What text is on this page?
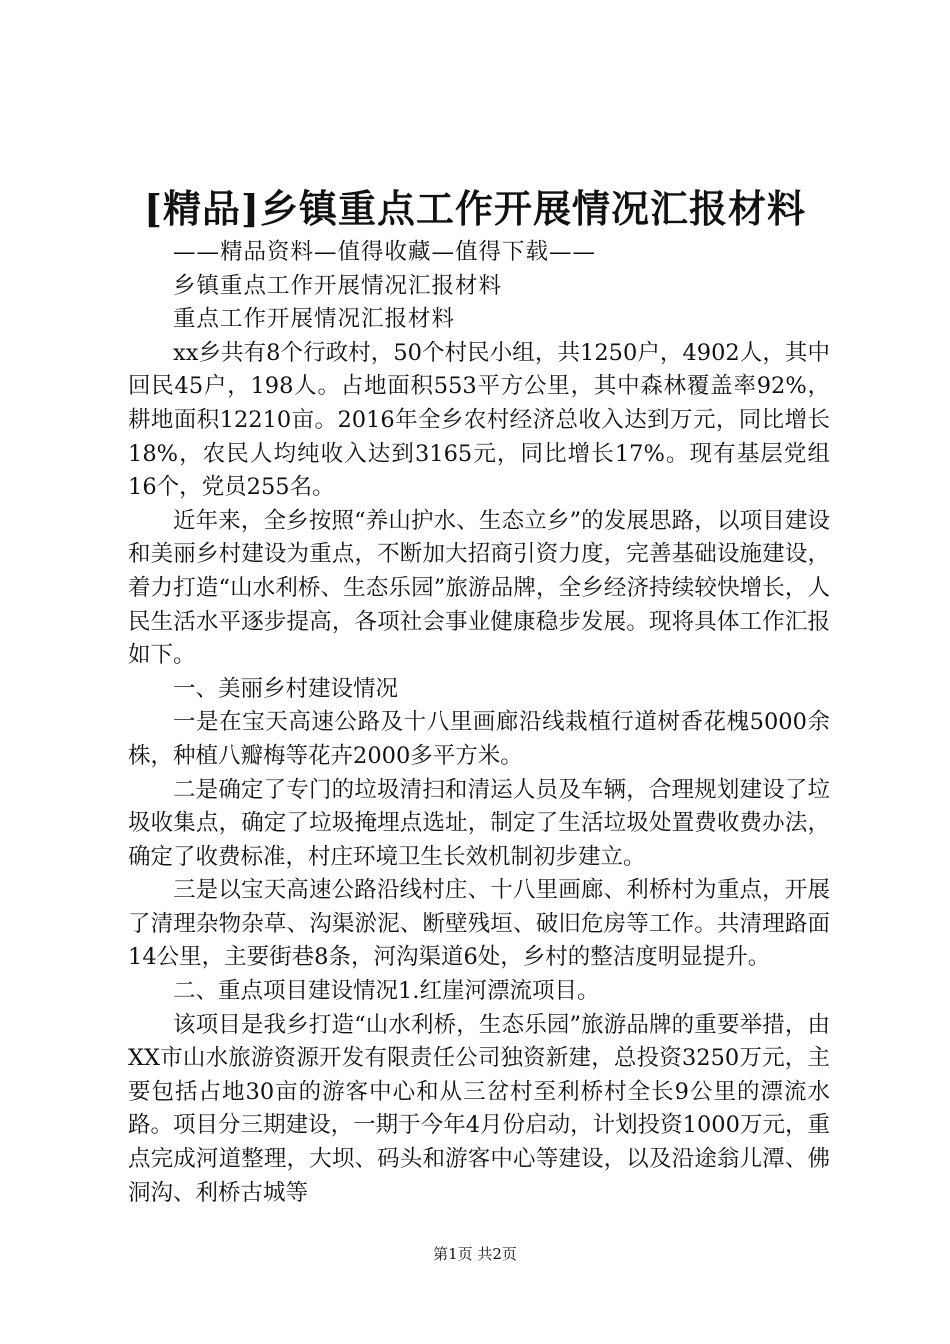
[精品]乡镇重点工作开展情况汇报材料

——精品资料—值得收藏—值得下载——

乡镇重点工作开展情况汇报材料

重点工作开展情况汇报材料

xx乡共有8个行政村，50个村民小组，共1250户，4902人，其中回民45户，198人。占地面积553平方公里，其中森林覆盖率92%，耕地面积12210亩。2016年全乡农村经济总收入达到万元，同比增长18%，农民人均纯收入达到3165元，同比增长17%。现有基层党组16个，党员255名。

近年来，全乡按照“养山护水、生态立乡”的发展思路，以项目建设和美丽乡村建设为重点，不断加大招商引资力度，完善基础设施建设，着力打造“山水利桥、生态乐园”旅游品牌，全乡经济持续较快增长，人民生活水平逐步提高，各项社会事业健康稳步发展。现将具体工作汇报如下。

一、美丽乡村建设情况

一是在宝天高速公路及十八里画廊沿线栽植行道树香花槐5000余株，种植八瓣梅等花卉2000多平方米。

二是确定了专门的垃圾清扫和清运人员及车辆，合理规划建设了垃圾收集点，确定了垃圾掩埋点选址，制定了生活垃圾处置费收费办法，确定了收费标准，村庄环境卫生长效机制初步建立。

三是以宝天高速公路沿线村庄、十八里画廊、利桥村为重点，开展了清理杂物杂草、沟渠淤泥、断壁残垣、破旧危房等工作。共清理路面14公里，主要街巷8条，河沟渠道6处，乡村的整洁度明显提升。

二、重点项目建设情况1.红崖河漂流项目。

该项目是我乡打造“山水利桥，生态乐园”旅游品牌的重要举措，由XX市山水旅游资源开发有限责任公司独资新建，总投资3250万元，主要包括占地30亩的游客中心和从三岔村至利桥村全长9公里的漂流水路。项目分三期建设，一期于今年4月份启动，计划投资1000万元，重点完成河道整理，大坝、码头和游客中心等建设，以及沿途翁儿潭、佛洞沟、利桥古城等

第1页 共2页
